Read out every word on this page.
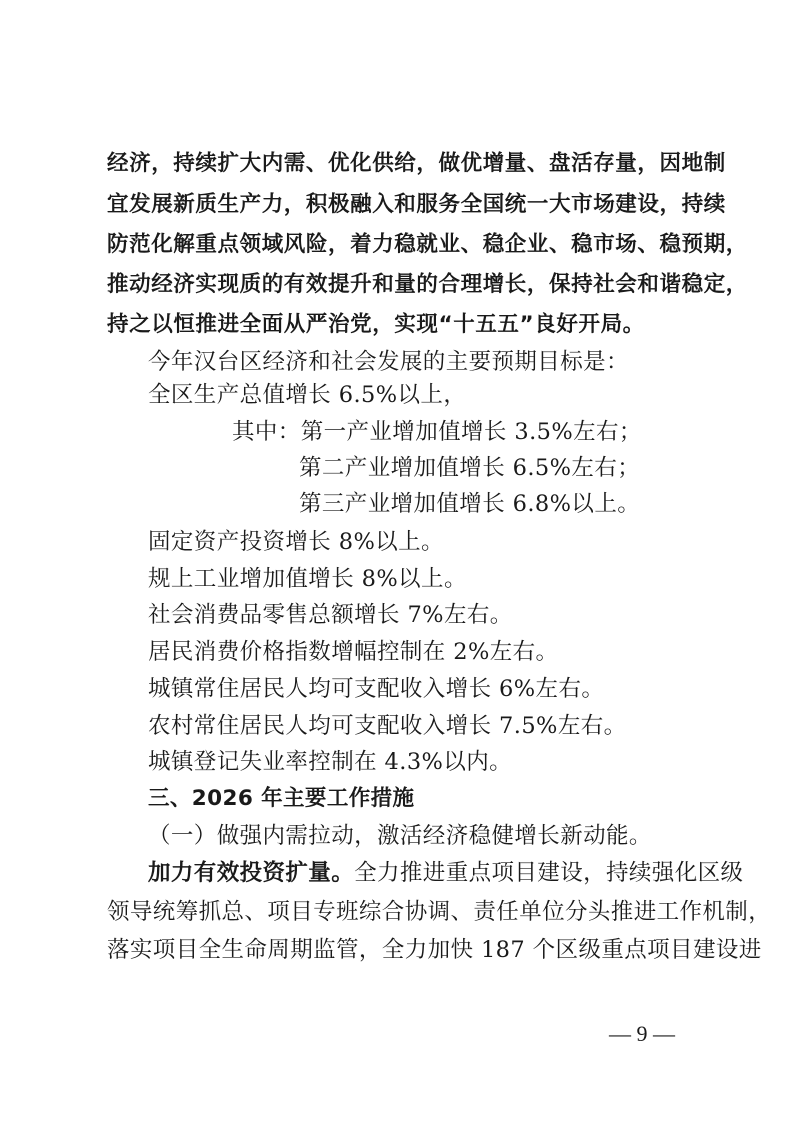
经济，持续扩大内需、优化供给，做优增量、盘活存量，因地制

宜发展新质生产力，积极融入和服务全国统一大市场建设，持续

防范化解重点领域风险，着力稳就业、稳企业、稳市场、稳预期，

推动经济实现质的有效提升和量的合理增长，保持社会和谐稳定，

持之以恒推进全面从严治党，实现“十五五”良好开局。

今年汉台区经济和社会发展的主要预期目标是：

全区生产总值增长 6.5%以上，

其中：第一产业增加值增长 3.5%左右；

第二产业增加值增长 6.5%左右；

第三产业增加值增长 6.8%以上。

固定资产投资增长 8%以上。

规上工业增加值增长 8%以上。

社会消费品零售总额增长 7%左右。

居民消费价格指数增幅控制在 2%左右。

城镇常住居民人均可支配收入增长 6%左右。

农村常住居民人均可支配收入增长 7.5%左右。

城镇登记失业率控制在 4.3%以内。

三、2026 年主要工作措施

（一）做强内需拉动，激活经济稳健增长新动能。

加力有效投资扩量。全力推进重点项目建设，持续强化区级

领导统筹抓总、项目专班综合协调、责任单位分头推进工作机制，

落实项目全生命周期监管，全力加快 187 个区级重点项目建设进

— 9 —
